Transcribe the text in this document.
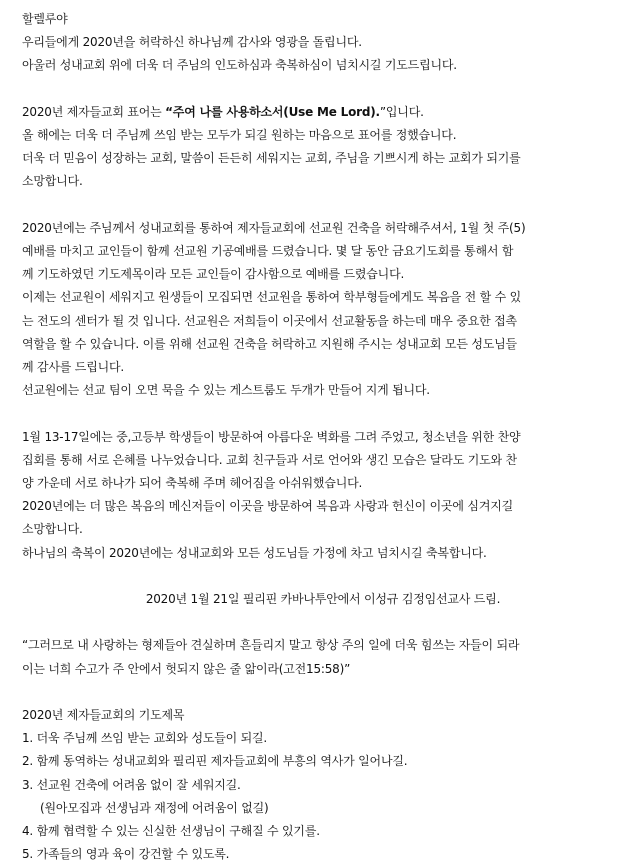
할렐루야
우리들에게 2020년을 허락하신 하나님께 감사와 영광을 돌립니다.
아울러 성내교회 위에 더욱 더 주님의 인도하심과 축복하심이 넘치시길 기도드립니다.
2020년 제자들교회 표어는 “주여 나를 사용하소서(Use Me Lord).”입니다.
올 해에는 더욱 더 주님께 쓰임 받는 모두가 되길 원하는 마음으로 표어를 정했습니다.
더욱 더 믿음이 성장하는 교회, 말씀이 든든히 세워지는 교회, 주님을 기쁘시게 하는 교회가 되기를
소망합니다.
2020년에는 주님께서 성내교회를 통하여 제자들교회에 선교원 건축을 허락해주셔서, 1월 첫 주(5)
예배를 마치고 교인들이 함께 선교원 기공예배를 드렸습니다. 몇 달 동안 금요기도회를 통해서 함
께 기도하였던 기도제목이라 모든 교인들이 감사함으로 예배를 드렸습니다.
이제는 선교원이 세워지고 원생들이 모집되면 선교원을 통하여 학부형들에게도 복음을 전 할 수 있
는 전도의 센터가 될 것 입니다. 선교원은 저희들이 이곳에서 선교활동을 하는데 매우 중요한 접촉
역할을 할 수 있습니다. 이를 위해 선교원 건축을 허락하고 지원해 주시는 성내교회 모든 성도님들
께 감사를 드립니다.
선교원에는 선교 팀이 오면 묵을 수 있는 게스트룸도 두개가 만들어 지게 됩니다.
1월 13-17일에는 중,고등부 학생들이 방문하여 아름다운 벽화를 그려 주었고, 청소년을 위한 찬양
집회를 통해 서로 은혜를 나누었습니다. 교회 친구들과 서로 언어와 생긴 모습은 달라도 기도와 찬
양 가운데 서로 하나가 되어 축복해 주며 헤어짐을 아쉬워했습니다.
2020년에는 더 많은 복음의 메신저들이 이곳을 방문하여 복음과 사랑과 헌신이 이곳에 심겨지길
소망합니다.
하나님의 축복이 2020년에는 성내교회와 모든 성도님들 가정에 차고 넘치시길 축복합니다.
2020년 1월 21일 필리핀 카바나투안에서 이성규 김정임선교사 드림.
“그러므로 내 사랑하는 형제들아 견실하며 흔들리지 말고 항상 주의 일에 더욱 힘쓰는 자들이 되라
이는 너희 수고가 주 안에서 헛되지 않은 줄 앎이라(고전15:58)”
2020년 제자들교회의 기도제목
1. 더욱 주님께 쓰임 받는 교회와 성도들이 되길.
2. 함께 동역하는 성내교회와 필리핀 제자들교회에 부흥의 역사가 일어나길.
3. 선교원 건축에 어려움 없이 잘 세워지길.
(원아모집과 선생님과 재정에 어려움이 없길)
4. 함께 협력할 수 있는 신실한 선생님이 구해질 수 있기를.
5. 가족들의 영과 육이 강건할 수 있도록.
